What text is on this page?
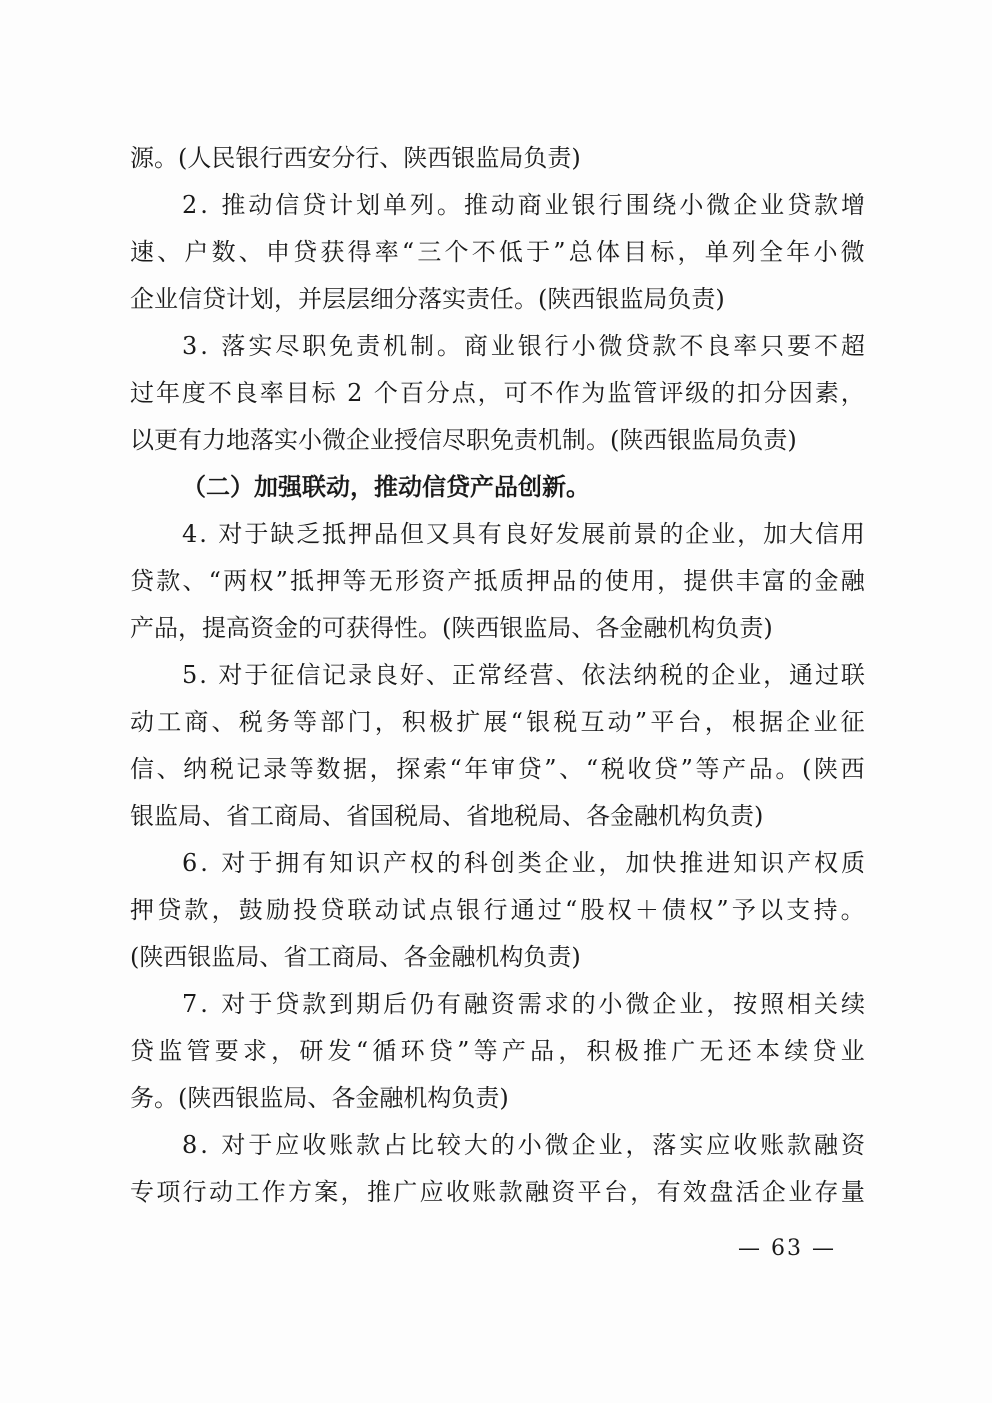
源。(人民银行西安分行、陕西银监局负责)
2 .
推 动 信 贷 计 划 单 列 。 推 动 商 业 银 行 围 绕 小 微 企 业 贷 款 增
速 、 户 数 、 申 贷 获 得 率 “ 三 个 不 低 于 ” 总 体 目 标 ， 单 列 全 年 小 微
企业信贷计划，并层层细分落实责任。(陕西银监局负责)
3 .
落 实 尽 职 免 责 机 制 。 商 业 银 行 小 微 贷 款 不 良 率 只 要 不 超
过 年 度 不 良 率 目 标
2
个 百 分 点 ， 可 不 作 为 监 管 评 级 的 扣 分 因 素 ，
以更有力地落实小微企业授信尽职免责机制。(陕西银监局负责)
（二）加强联动，推动信贷产品创新。
4 .
对 于 缺 乏 抵 押 品 但 又 具 有 良 好 发 展 前 景 的 企 业 ， 加 大 信 用
贷 款 、 “ 两 权 ” 抵 押 等 无 形 资 产 抵 质 押 品 的 使 用 ， 提 供 丰 富 的 金 融
产品，提高资金的可获得性。(陕西银监局、各金融机构负责)
5 .
对 于 征 信 记 录 良 好 、 正 常 经 营 、 依 法 纳 税 的 企 业 ， 通 过 联
动 工 商 、 税 务 等 部 门 ， 积 极 扩 展 “ 银 税 互 动 ” 平 台 ， 根 据 企 业 征
信 、 纳 税 记 录 等 数 据 ， 探 索 “ 年 审 贷 ” 、 “ 税 收 贷 ” 等 产 品 。 ( 陕 西
银监局、省工商局、省国税局、省地税局、各金融机构负责)
6 .
对 于 拥 有 知 识 产 权 的 科 创 类 企 业 ， 加 快 推 进 知 识 产 权 质
押 贷 款 ， 鼓 励 投 贷 联 动 试 点 银 行 通 过 “ 股 权 ＋ 债 权 ” 予 以 支 持 。
(陕西银监局、省工商局、各金融机构负责)
7 .
对 于 贷 款 到 期 后 仍 有 融 资 需 求 的 小 微 企 业 ， 按 照 相 关 续
贷 监 管 要 求 ， 研 发 “ 循 环 贷 ” 等 产 品 ， 积 极 推 广 无 还 本 续 贷 业
务。(陕西银监局、各金融机构负责)
8 .
对 于 应 收 账 款 占 比 较 大 的 小 微 企 业 ， 落 实 应 收 账 款 融 资
专 项 行 动 工 作 方 案 ， 推 广 应 收 账 款 融 资 平 台 ， 有 效 盘 活 企 业 存 量
— 63 —
